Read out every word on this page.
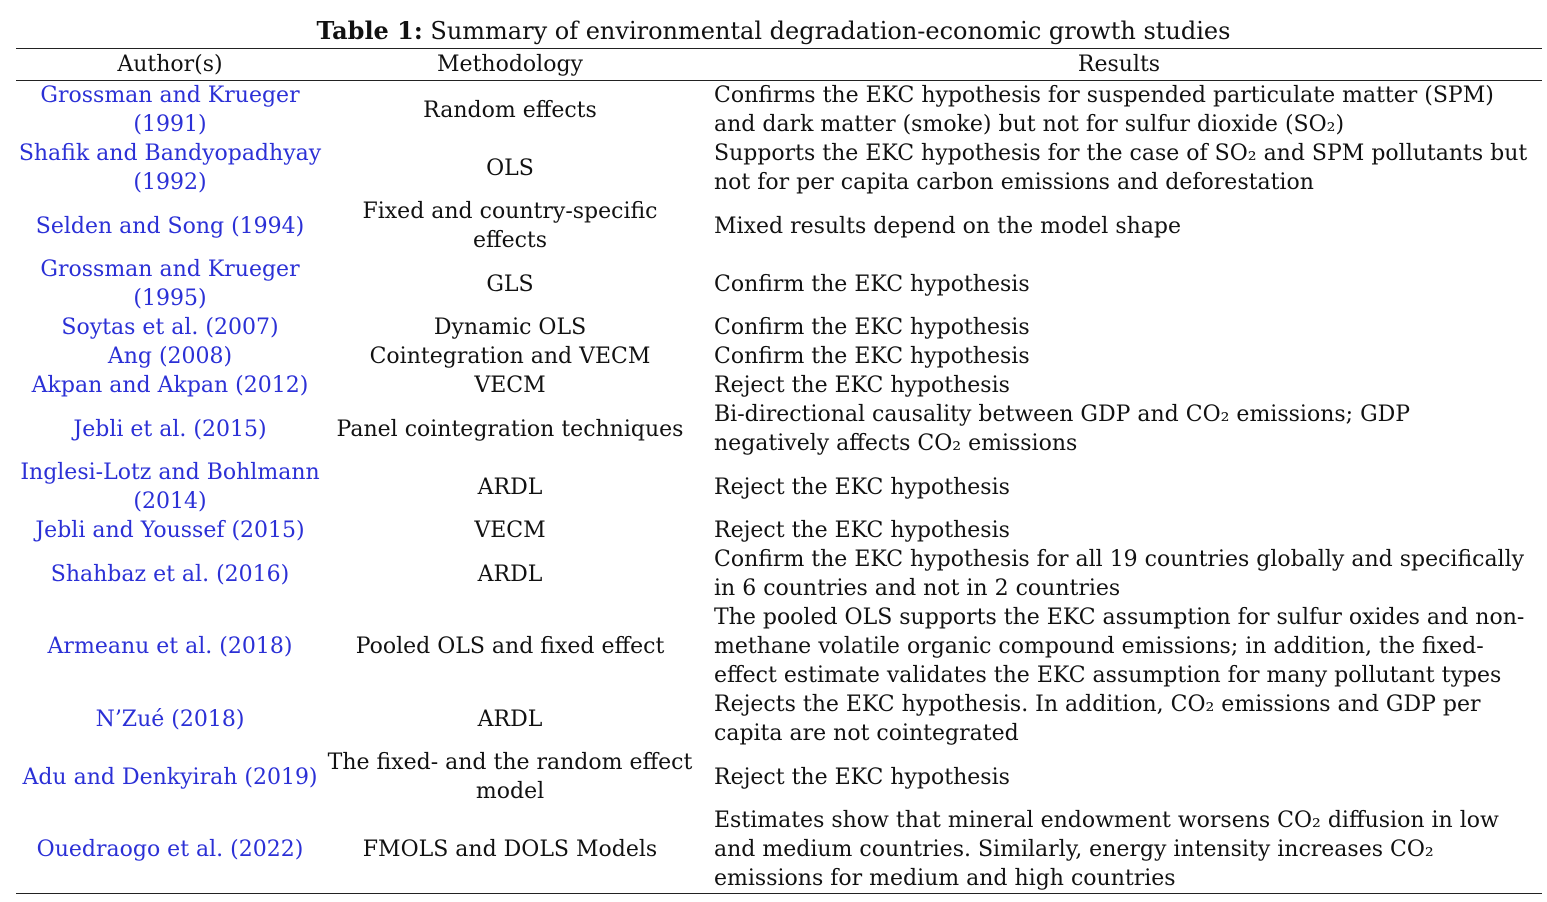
Table 1: Summary of environmental degradation-economic growth studies
Author(s)	Methodology	Results
Grossman and Krueger (1991)	Random effects	Confirms the EKC hypothesis for suspended particulate matter (SPM) and dark matter (smoke) but not for sulfur dioxide (SO₂)
Shafik and Bandyopadhyay (1992)	OLS	Supports the EKC hypothesis for the case of SO₂ and SPM pollutants but not for per capita carbon emissions and deforestation
Selden and Song (1994)	Fixed and country-specific effects	Mixed results depend on the model shape
Grossman and Krueger (1995)	GLS	Confirm the EKC hypothesis
Soytas et al. (2007)	Dynamic OLS	Confirm the EKC hypothesis
Ang (2008)	Cointegration and VECM	Confirm the EKC hypothesis
Akpan and Akpan (2012)	VECM	Reject the EKC hypothesis
Jebli et al. (2015)	Panel cointegration techniques	Bi-directional causality between GDP and CO₂ emissions; GDP negatively affects CO₂ emissions
Inglesi-Lotz and Bohlmann (2014)	ARDL	Reject the EKC hypothesis
Jebli and Youssef (2015)	VECM	Reject the EKC hypothesis
Shahbaz et al. (2016)	ARDL	Confirm the EKC hypothesis for all 19 countries globally and specifically in 6 countries and not in 2 countries
Armeanu et al. (2018)	Pooled OLS and fixed effect	The pooled OLS supports the EKC assumption for sulfur oxides and non-methane volatile organic compound emissions; in addition, the fixed-effect estimate validates the EKC assumption for many pollutant types
N’Zué (2018)	ARDL	Rejects the EKC hypothesis. In addition, CO₂ emissions and GDP per capita are not cointegrated
Adu and Denkyirah (2019)	The fixed- and the random effect model	Reject the EKC hypothesis
Ouedraogo et al. (2022)	FMOLS and DOLS Models	Estimates show that mineral endowment worsens CO₂ diffusion in low and medium countries. Similarly, energy intensity increases CO₂ emissions for medium and high countries
